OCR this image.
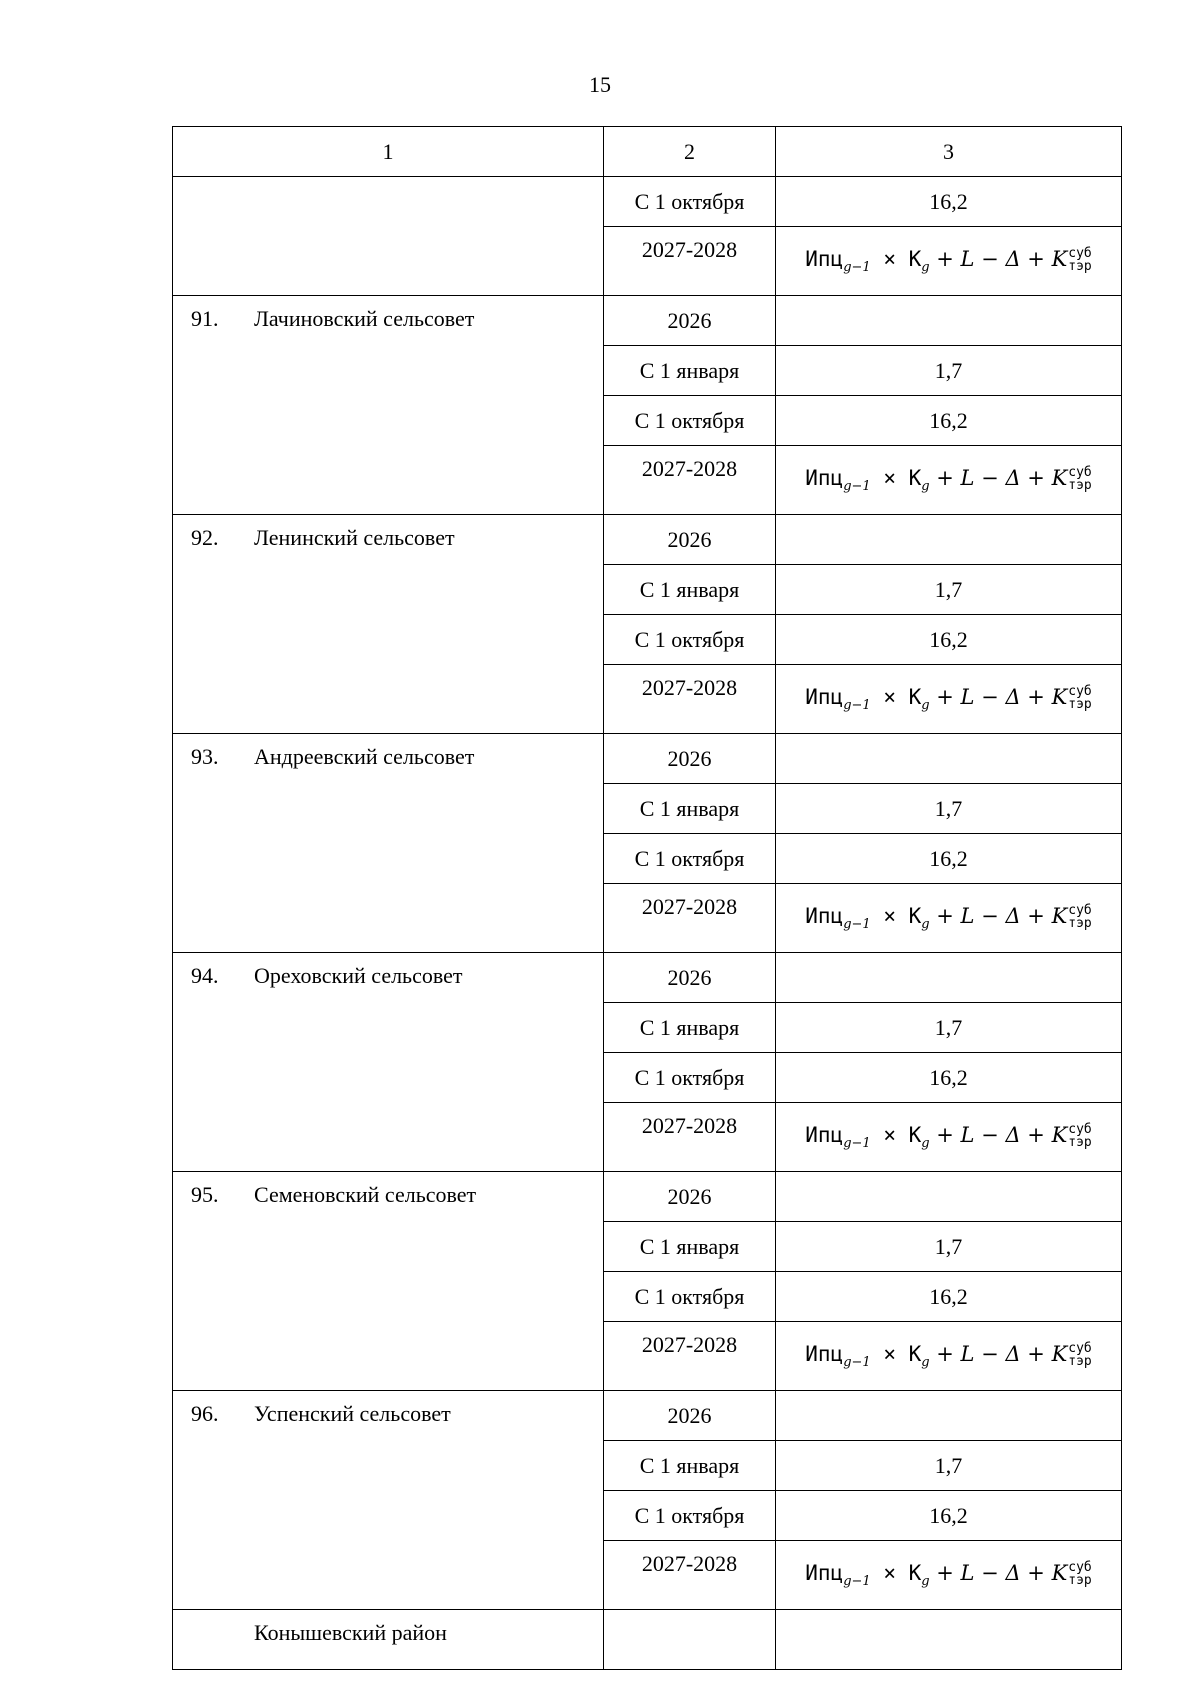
15
1	2	3
	С 1 октября	16,2
	2027-2028	$Ипц_{g-1} \times К_g + L - \Delta + K$ суб
тэр

91. Лачиновский сельсовет	2026	
	С 1 января	1,7
	С 1 октября	16,2
	2027-2028	$Ипц_{g-1} \times К_g + L - \Delta + K$ суб
тэр

92. Ленинский сельсовет	2026	
	С 1 января	1,7
	С 1 октября	16,2
	2027-2028	$Ипц_{g-1} \times К_g + L - \Delta + K$ суб
тэр

93. Андреевский сельсовет	2026	
	С 1 января	1,7
	С 1 октября	16,2
	2027-2028	$Ипц_{g-1} \times К_g + L - \Delta + K$ суб
тэр

94. Ореховский сельсовет	2026	
	С 1 января	1,7
	С 1 октября	16,2
	2027-2028	$Ипц_{g-1} \times К_g + L - \Delta + K$ суб
тэр

95. Семеновский сельсовет	2026	
	С 1 января	1,7
	С 1 октября	16,2
	2027-2028	$Ипц_{g-1} \times К_g + L - \Delta + K$ суб
тэр

96. Успенский сельсовет	2026	
	С 1 января	1,7
	С 1 октября	16,2
	2027-2028	$Ипц_{g-1} \times К_g + L - \Delta + K$ суб
тэр

Конышевский район		
